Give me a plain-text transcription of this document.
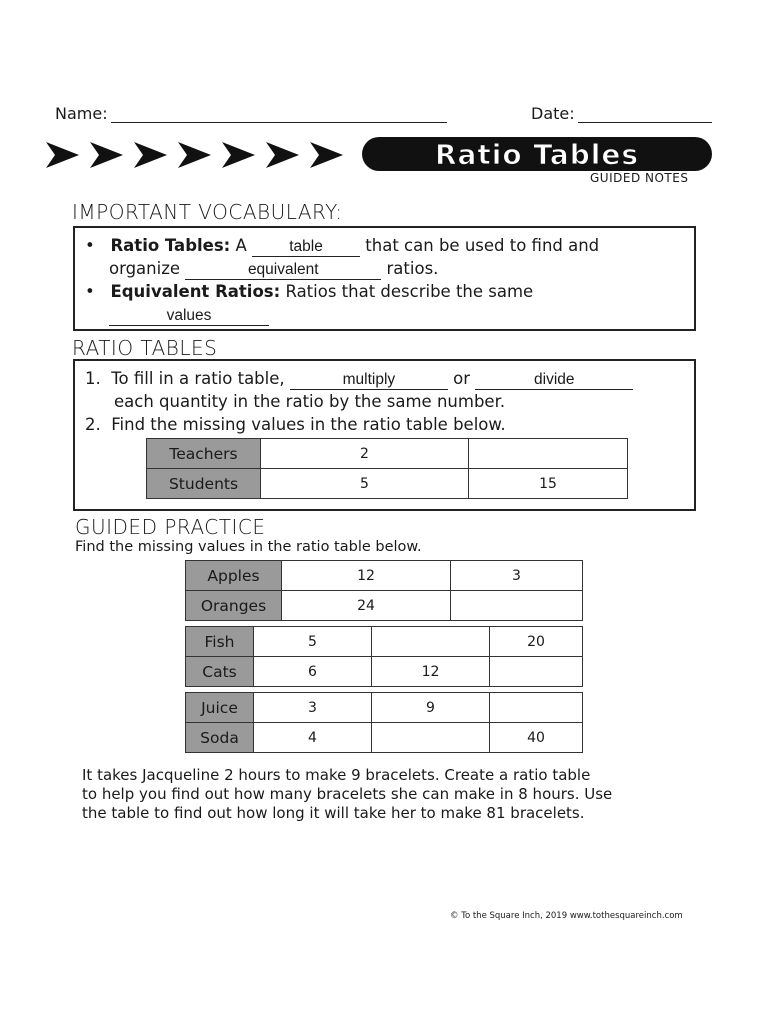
Name:	Date:
Ratio Tables
GUIDED NOTES
IMPORTANT VOCABULARY:
•   Ratio Tables: A table that can be used to find and
organize	equivalent	ratios.
•   Equivalent Ratios: Ratios that describe the same
values
RATIO TABLES
1. To fill in a ratio table,	multiply	or	divide
each quantity in the ratio by the same number.
2. Find the missing values in the ratio table below.
Teachers	2	
Students	5	15
GUIDED PRACTICE
Find the missing values in the ratio table below.
Apples	12	3
Oranges	24	
Fish	5		20
Cats	6	12	
Juice	3	9	
Soda	4		40
It takes Jacqueline 2 hours to make 9 bracelets. Create a ratio table
to help you find out how many bracelets she can make in 8 hours. Use
the table to find out how long it will take her to make 81 bracelets.
© To the Square Inch, 2019 www.tothesquareinch.com
